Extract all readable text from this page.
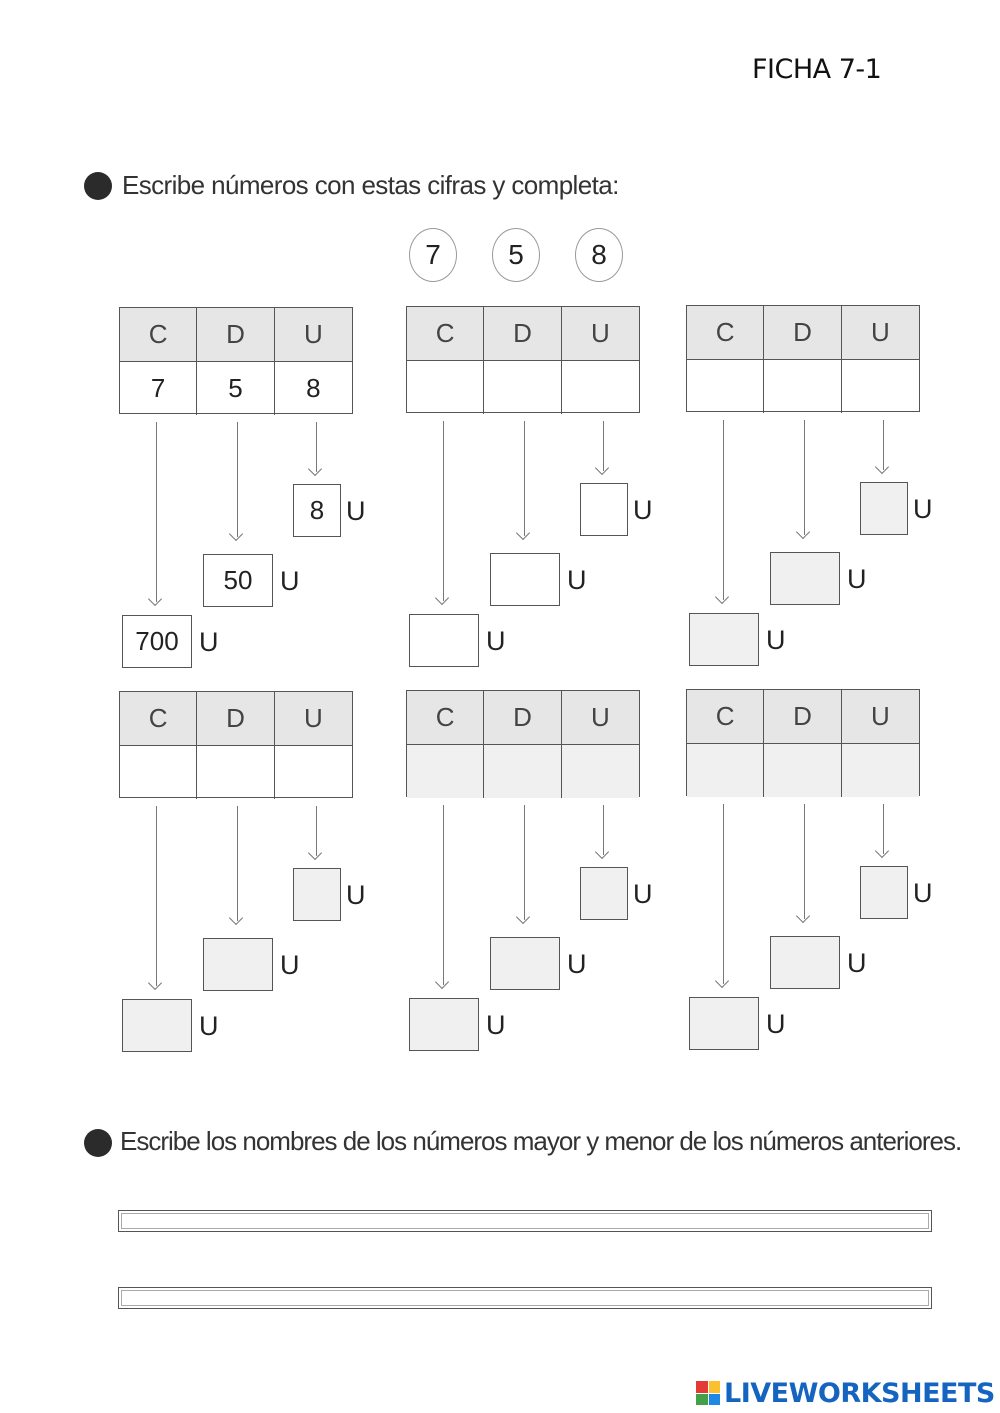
FICHA 7-1
Escribe números con estas cifras y completa:
7	5	8
C	D	U
7	5	8
8 U
50	U
700 U
C	D	U
U
U
U
C	D	U
U
U
U
C	D	U
U
U
U
C	D	U
U
U
U
C	D	U
U
U
U
Escribe los nombres de los números mayor y menor de los números anteriores.
LIVEWORKSHEETS
